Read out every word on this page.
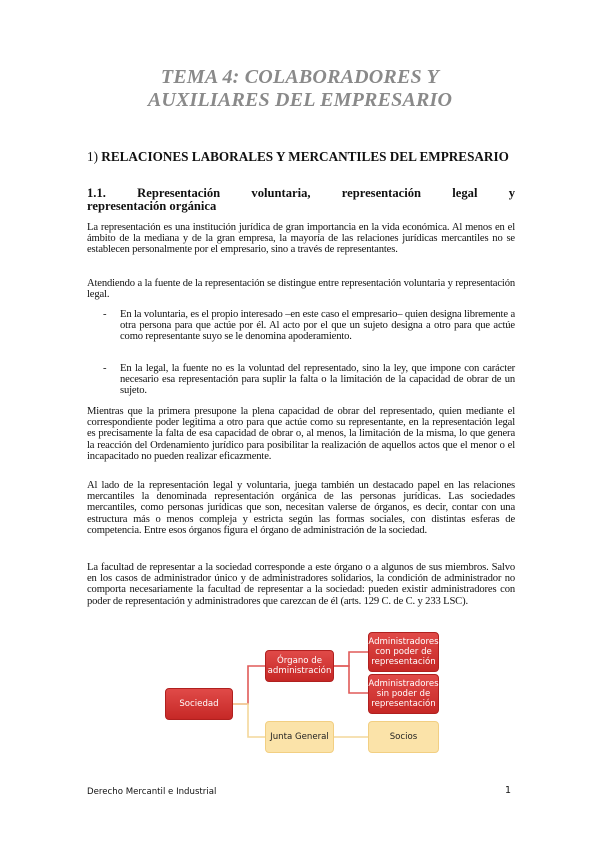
TEMA 4: COLABORADORES Y
AUXILIARES DEL EMPRESARIO
1) RELACIONES LABORALES Y MERCANTILES DEL EMPRESARIO
1.1. Representación voluntaria, representación legal y
representación orgánica
La representación es una institución jurídica de gran importancia en la vida económica. Al menos en el ámbito de la mediana y de la gran empresa, la mayoría de las relaciones jurídicas mercantiles no se establecen personalmente por el empresario, sino a través de representantes.
Atendiendo a la fuente de la representación se distingue entre representación voluntaria y representación legal.
- En la voluntaria, es el propio interesado –en este caso el empresario– quien designa libremente a otra persona para que actúe por él. Al acto por el que un sujeto designa a otro para que actúe como representante suyo se le denomina apoderamiento.
- En la legal, la fuente no es la voluntad del representado, sino la ley, que impone con carácter necesario esa representación para suplir la falta o la limitación de la capacidad de obrar de un sujeto.
Mientras que la primera presupone la plena capacidad de obrar del representado, quien mediante el correspondiente poder legitima a otro para que actúe como su representante, en la representación legal es precisamente la falta de esa capacidad de obrar o, al menos, la limitación de la misma, lo que genera la reacción del Ordenamiento jurídico para posibilitar la realización de aquellos actos que el menor o el incapacitado no pueden realizar eficazmente.
Al lado de la representación legal y voluntaria, juega también un destacado papel en las relaciones mercantiles la denominada representación orgánica de las personas jurídicas. Las sociedades mercantiles, como personas jurídicas que son, necesitan valerse de órganos, es decir, contar con una estructura más o menos compleja y estricta según las formas sociales, con distintas esferas de competencia. Entre esos órganos figura el órgano de administración de la sociedad.
La facultad de representar a la sociedad corresponde a este órgano o a algunos de sus miembros. Salvo en los casos de administrador único y de administradores solidarios, la condición de administrador no comporta necesariamente la facultad de representar a la sociedad: pueden existir administradores con poder de representación y administradores que carezcan de él (arts. 129 C. de C. y 233 LSC).
Sociedad
Órgano de administración
Administradores con poder de representación
Administradores sin poder de representación
Junta General	Socios
Derecho Mercantil e Industrial	1
